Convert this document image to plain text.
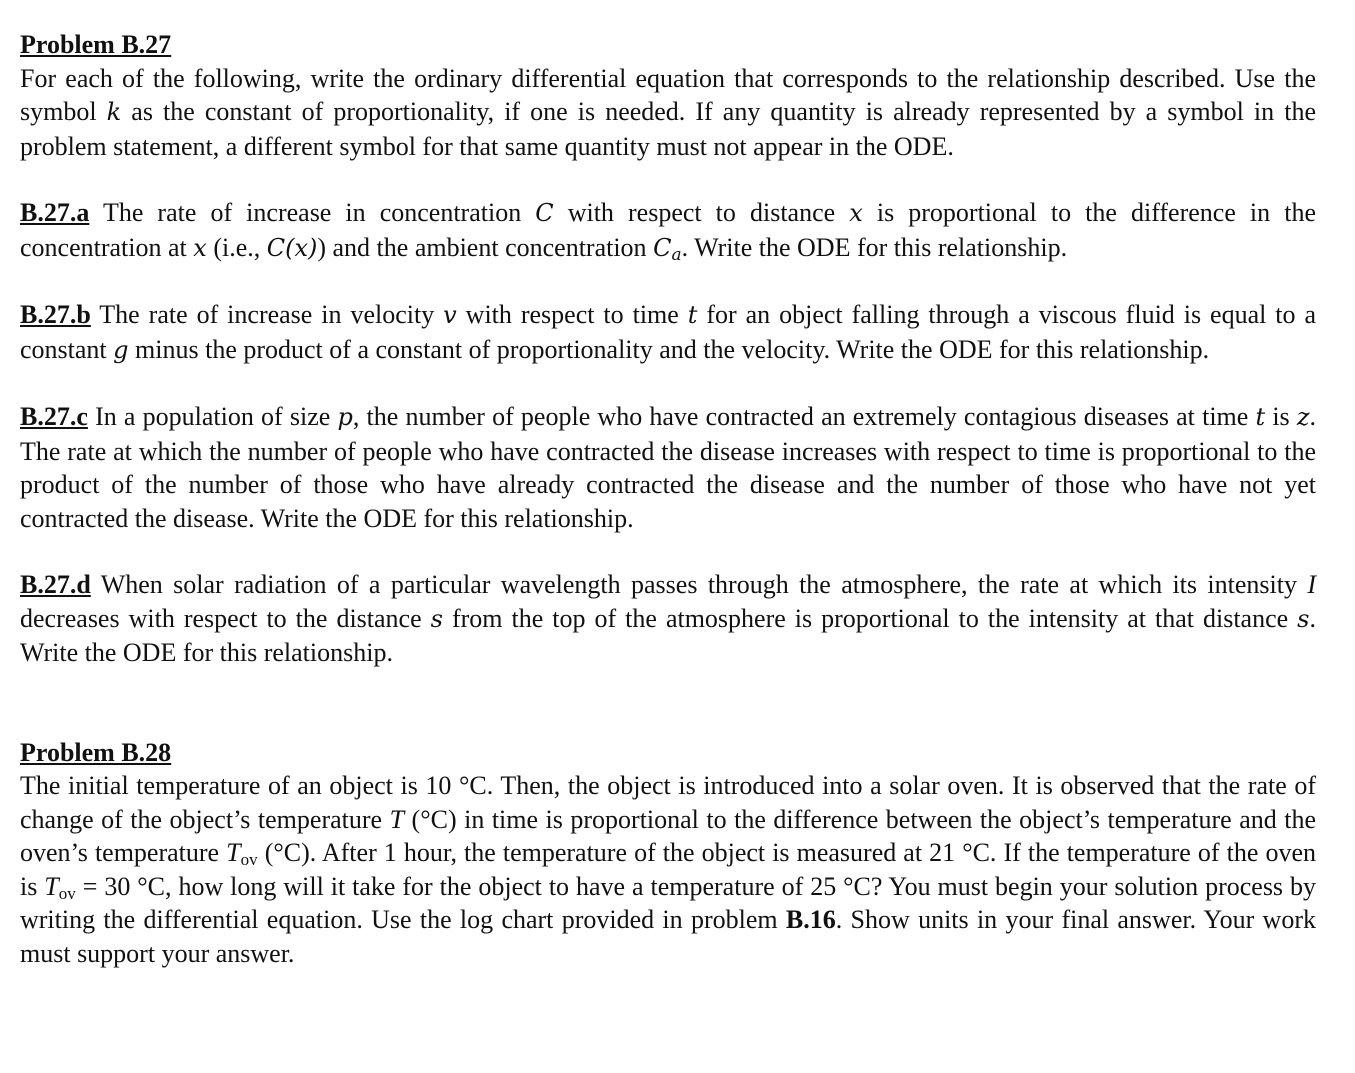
Problem B.27

For each of the following, write the ordinary differential equation that corresponds to the relationship described. Use the symbol k as the constant of proportionality, if one is needed. If any quantity is already represented by a symbol in the problem statement, a different symbol for that same quantity must not appear in the ODE.

B.27.a The rate of increase in concentration C with respect to distance x is proportional to the difference in the concentration at x (i.e., C(x)) and the ambient concentration $C_a$. Write the ODE for this relationship.

B.27.b The rate of increase in velocity v with respect to time t for an object falling through a viscous fluid is equal to a constant g minus the product of a constant of proportionality and the velocity. Write the ODE for this relationship.

B.27.c In a population of size p, the number of people who have contracted an extremely contagious diseases at time t is z. The rate at which the number of people who have contracted the disease increases with respect to time is proportional to the product of the number of those who have already contracted the disease and the number of those who have not yet contracted the disease. Write the ODE for this relationship.

B.27.d When solar radiation of a particular wavelength passes through the atmosphere, the rate at which its intensity I decreases with respect to the distance s from the top of the atmosphere is proportional to the intensity at that distance s. Write the ODE for this relationship.

Problem B.28

The initial temperature of an object is 10 °C. Then, the object is introduced into a solar oven. It is observed that the rate of change of the object’s temperature T (°C) in time is proportional to the difference between the object’s temperature and the oven’s temperature $T_{ov}$ (°C). After 1 hour, the temperature of the object is measured at 21 °C. If the temperature of the oven is $T_{ov} = 30$ °C, how long will it take for the object to have a temperature of 25 °C? You must begin your solution process by writing the differential equation. Use the log chart provided in problem B.16. Show units in your final answer. Your work must support your answer.
